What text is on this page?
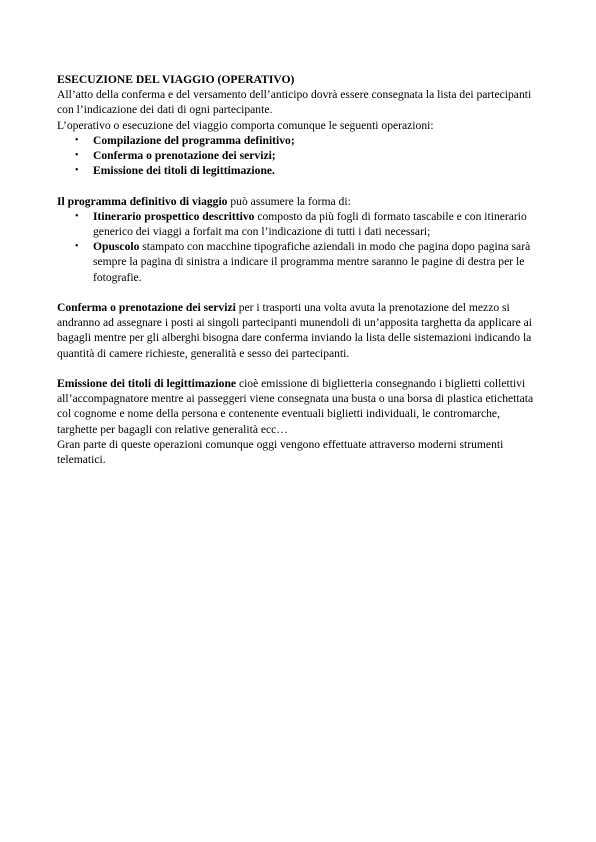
ESECUZIONE DEL VIAGGIO (OPERATIVO)

All’atto della conferma e del versamento dell’anticipo dovrà essere consegnata la lista dei partecipanti con l’indicazione dei dati di ogni partecipante.

L’operativo o esecuzione del viaggio comporta comunque le seguenti operazioni:

• Compilazione del programma definitivo;
• Conferma o prenotazione dei servizi;
• Emissione dei titoli di legittimazione.

Il programma definitivo di viaggio può assumere la forma di:

• Itinerario prospettico descrittivo composto da più fogli di formato tascabile e con itinerario generico dei viaggi a forfait ma con l’indicazione di tutti i dati necessari;
• Opuscolo stampato con macchine tipografiche aziendali in modo che pagina dopo pagina sarà sempre la pagina di sinistra a indicare il programma mentre saranno le pagine di destra per le fotografie.

Conferma o prenotazione dei servizi per i trasporti una volta avuta la prenotazione del mezzo si andranno ad assegnare i posti ai singoli partecipanti munendoli di un’apposita targhetta da applicare ai bagagli mentre per gli alberghi bisogna dare conferma inviando la lista delle sistemazioni indicando la quantità di camere richieste, generalità e sesso dei partecipanti.

Emissione dei titoli di legittimazione cioè emissione di biglietteria consegnando i biglietti collettivi all’accompagnatore mentre ai passeggeri viene consegnata una busta o una borsa di plastica etichettata col cognome e nome della persona e contenente eventuali biglietti individuali, le contromarche, targhette per bagagli con relative generalità ecc…

Gran parte di queste operazioni comunque oggi vengono effettuate attraverso moderni strumenti telematici.
